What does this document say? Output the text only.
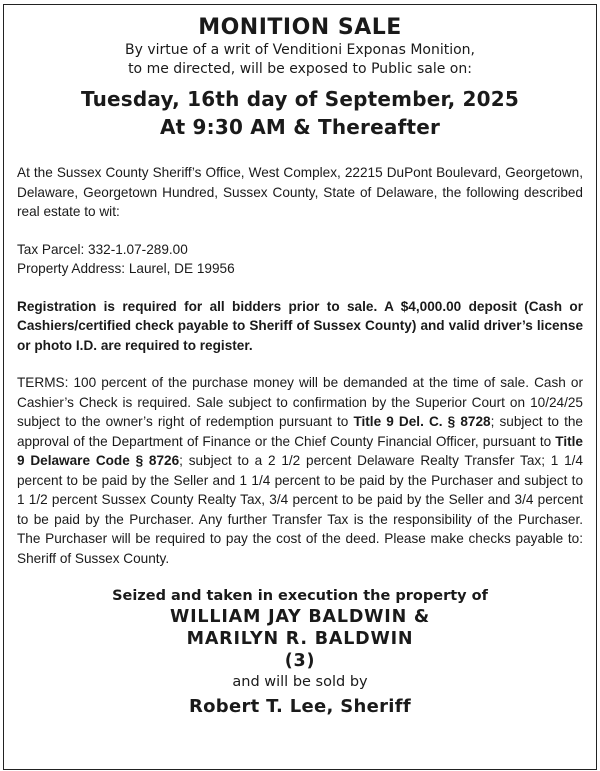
MONITION SALE

By virtue of a writ of Venditioni Exponas Monition,

to me directed, will be exposed to Public sale on:

Tuesday, 16th day of September, 2025

At 9:30 AM & Thereafter

At the Sussex County Sheriff’s Office, West Complex, 22215 DuPont Boulevard, Georgetown, Delaware, Georgetown Hundred, Sussex County, State of Delaware, the following described real estate to wit:

Tax Parcel: 332-1.07-289.00

Property Address: Laurel, DE 19956

Registration is required for all bidders prior to sale. A $4,000.00 deposit (Cash or Cashiers/certified check payable to Sheriff of Sussex County) and valid driver’s license or photo I.D. are required to register.

TERMS: 100 percent of the purchase money will be demanded at the time of sale. Cash or Cashier’s Check is required. Sale subject to confirmation by the Superior Court on 10/24/25 subject to the owner’s right of redemption pursuant to Title 9 Del. C. § 8728; subject to the approval of the Department of Finance or the Chief County Financial Officer, pursuant to Title 9 Delaware Code § 8726; subject to a 2 1/2 percent Delaware Realty Transfer Tax; 1 1/4 percent to be paid by the Seller and 1 1/4 percent to be paid by the Purchaser and subject to 1 1/2 percent Sussex County Realty Tax, 3/4 percent to be paid by the Seller and 3/4 percent to be paid by the Purchaser. Any further Transfer Tax is the responsibility of the Purchaser. The Purchaser will be required to pay the cost of the deed. Please make checks payable to: Sheriff of Sussex County.

Seized and taken in execution the property of

WILLIAM JAY BALDWIN &

MARILYN R. BALDWIN

(3)

and will be sold by

Robert T. Lee, Sheriff
